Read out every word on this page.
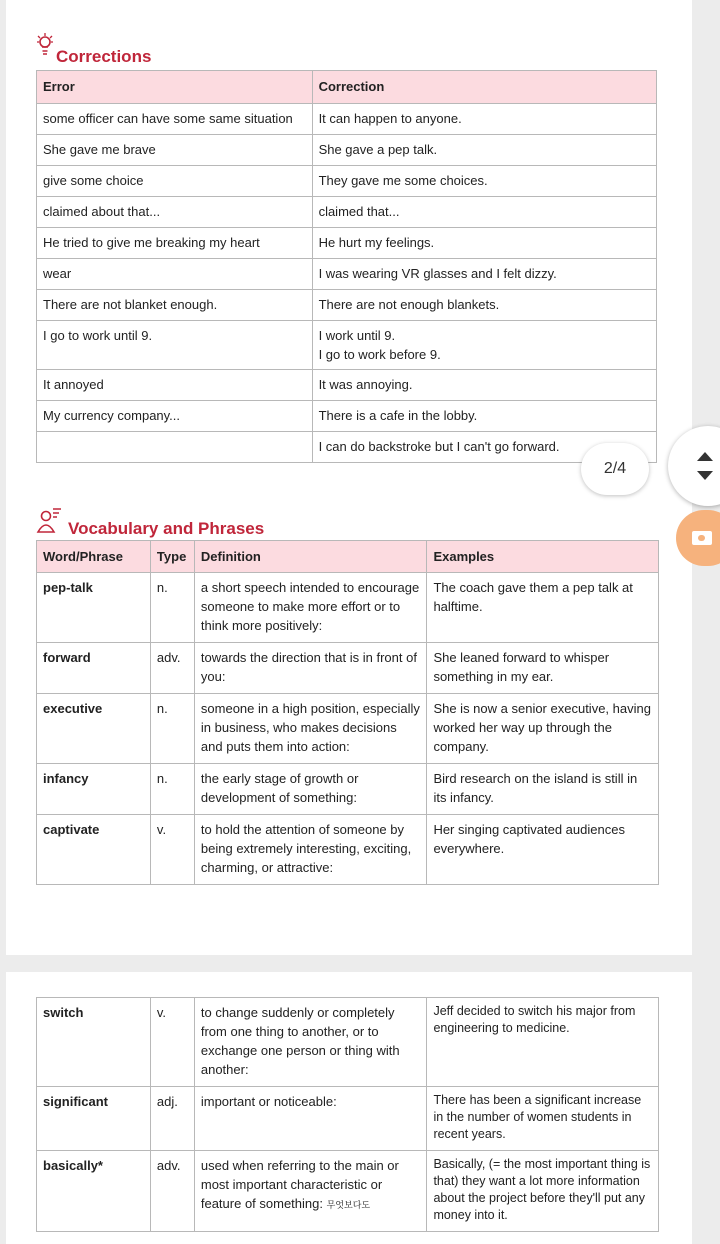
Corrections
Error	Correction
some officer can have some same situation	It can happen to anyone.
She gave me brave	She gave a pep talk.
give some choice	They gave me some choices.
claimed about that...	claimed that...
He tried to give me breaking my heart	He hurt my feelings.
wear	I was wearing VR glasses and I felt dizzy.
There are not blanket enough.	There are not enough blankets.
I go to work until 9.	I work until 9.
I go to work before 9.
It annoyed	It was annoying.
My currency company...	There is a cafe in the lobby.
	I can do backstroke but I can't go forward.
Vocabulary and Phrases
Word/Phrase	Type	Definition	Examples
pep-talk	n.	a short speech intended to encourage someone to make more effort or to think more positively:	The coach gave them a pep talk at halftime.
forward	adv.	towards the direction that is in front of you:	She leaned forward to whisper something in my ear.
executive	n.	someone in a high position, especially in business, who makes decisions and puts them into action:	She is now a senior executive, having worked her way up through the company.
infancy	n.	the early stage of growth or development of something:	Bird research on the island is still in its infancy.
captivate	v.	to hold the attention of someone by being extremely interesting, exciting, charming, or attractive:	Her singing captivated audiences everywhere.
switch	v.	to change suddenly or completely from one thing to another, or to exchange one person or thing with another:	Jeff decided to switch his major from engineering to medicine.
significant	adj.	important or noticeable:	There has been a significant increase in the number of women students in recent years.
basically*	adv.	used when referring to the main or most important characteristic or feature of something: 무엇보다도	Basically, (= the most important thing is that) they want a lot more information about the project before they'll put any money into it.
2/4
